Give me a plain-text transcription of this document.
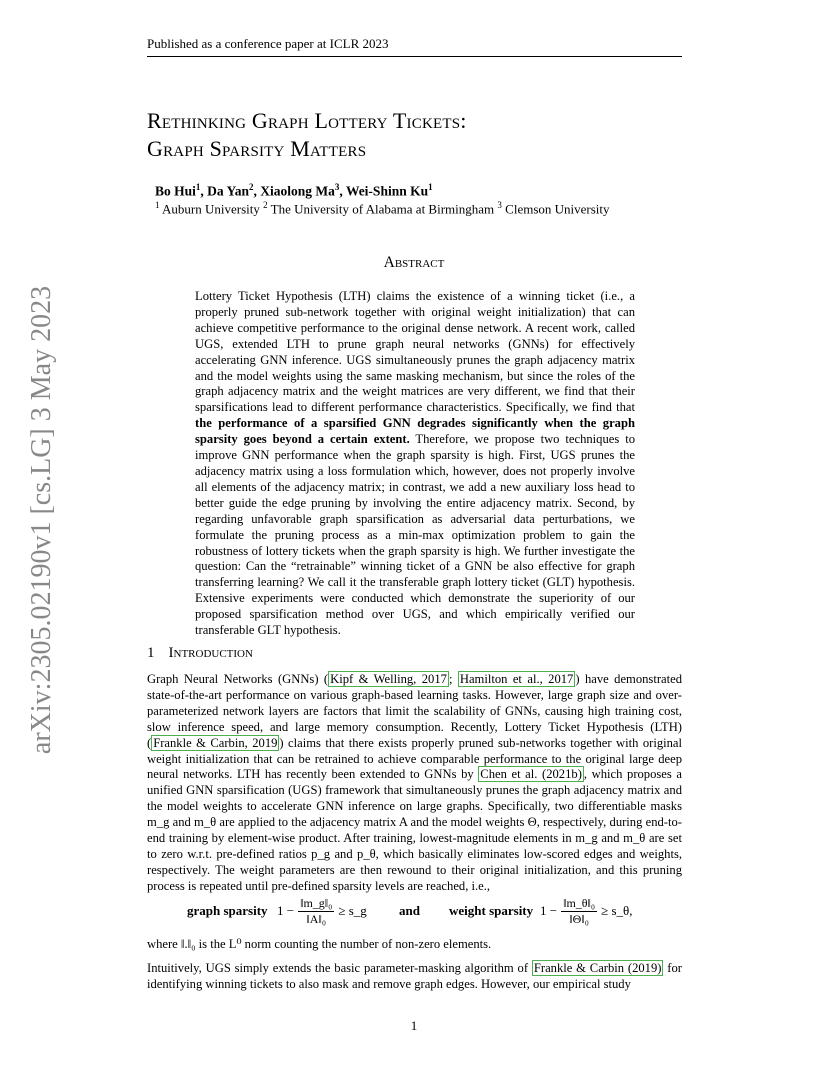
Published as a conference paper at ICLR 2023
Rethinking Graph Lottery Tickets:
Graph Sparsity Matters
Bo Hui$^1$, Da Yan$^2$, Xiaolong Ma$^3$, Wei-Shinn Ku$^1$
$^1$ Auburn University $^2$ The University of Alabama at Birmingham $^3$ Clemson University
Abstract
Lottery Ticket Hypothesis (LTH) claims the existence of a winning ticket (i.e., a properly pruned sub-network together with original weight initialization) that can achieve competitive performance to the original dense network. A recent work, called UGS, extended LTH to prune graph neural networks (GNNs) for effectively accelerating GNN inference. UGS simultaneously prunes the graph adjacency matrix and the model weights using the same masking mechanism, but since the roles of the graph adjacency matrix and the weight matrices are very different, we find that their sparsifications lead to different performance characteristics. Specifically, we find that the performance of a sparsified GNN degrades significantly when the graph sparsity goes beyond a certain extent. Therefore, we propose two techniques to improve GNN performance when the graph sparsity is high. First, UGS prunes the adjacency matrix using a loss formulation which, however, does not properly involve all elements of the adjacency matrix; in contrast, we add a new auxiliary loss head to better guide the edge pruning by involving the entire adjacency matrix. Second, by regarding unfavorable graph sparsification as adversarial data perturbations, we formulate the pruning process as a min-max optimization problem to gain the robustness of lottery tickets when the graph sparsity is high. We further investigate the question: Can the “retrainable” winning ticket of a GNN be also effective for graph transferring learning? We call it the transferable graph lottery ticket (GLT) hypothesis. Extensive experiments were conducted which demonstrate the superiority of our proposed sparsification method over UGS, and which empirically verified our transferable GLT hypothesis.
1 Introduction
Graph Neural Networks (GNNs) ( Kipf & Welling, 2017 ; Hamilton et al., 2017 ) have demonstrated state-of-the-art performance on various graph-based learning tasks. However, large graph size and over-parameterized network layers are factors that limit the scalability of GNNs, causing high training cost, slow inference speed, and large memory consumption. Recently, Lottery Ticket Hypothesis (LTH) ( Frankle & Carbin, 2019 ) claims that there exists properly pruned sub-networks together with original weight initialization that can be retrained to achieve comparable performance to the original large deep neural networks. LTH has recently been extended to GNNs by Chen et al. (2021b) , which proposes a unified GNN sparsification (UGS) framework that simultaneously prunes the graph adjacency matrix and the model weights to accelerate GNN inference on large graphs. Specifically, two differentiable masks m_g and m_θ are applied to the adjacency matrix A and the model weights Θ, respectively, during end-to-end training by element-wise product. After training, lowest-magnitude elements in m_g and m_θ are set to zero w.r.t. pre-defined ratios p_g and p_θ, which basically eliminates low-scored edges and weights, respectively. The weight parameters are then rewound to their original initialization, and this pruning process is repeated until pre-defined sparsity levels are reached, i.e.,
graph sparsity $1 - \frac{\text{‖m\_g‖₀}}{\text{‖A‖₀}}$ ≥ s_g and weight sparsity $1 - \frac{\text{‖m\_θ‖₀}}{\text{‖Θ‖₀}}$ ≥ s_θ,
where ‖.‖₀ is the L⁰ norm counting the number of non-zero elements.
Intuitively, UGS simply extends the basic parameter-masking algorithm of Frankle & Carbin (2019) for identifying winning tickets to also mask and remove graph edges. However, our empirical study
arXiv:2305.02190v1 [cs.LG] 3 May 2023
1
